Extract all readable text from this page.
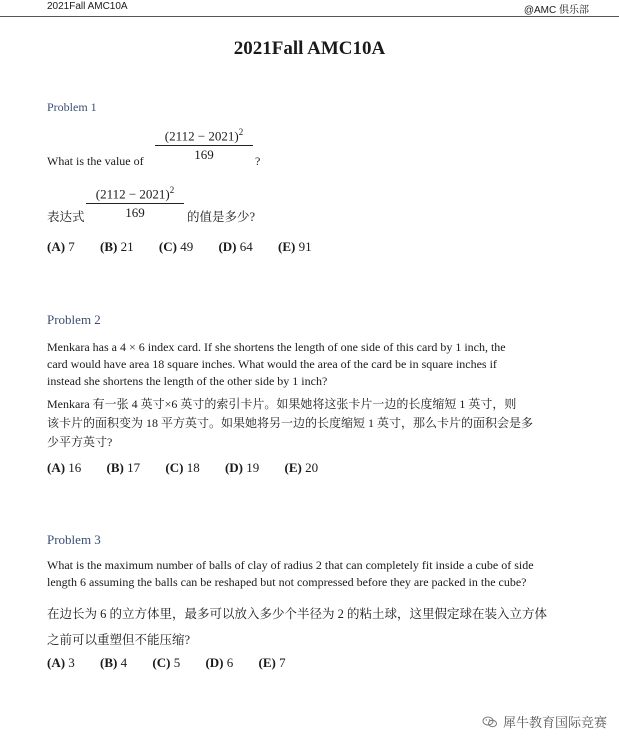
2021Fall AMC10A	@AMC 俱乐部
2021Fall AMC10A
Problem 1
What is the value of
$(2112 - 2021)^2$
169	?
表达式
$(2112 - 2021)^2$
169	的值是多少?
(A) 7 (B) 21 (C) 49 (D) 64 (E) 91
Problem 2
Menkara has a 4 × 6 index card. If she shortens the length of one side of this card by 1 inch, the
card would have area 18 square inches. What would the area of the card be in square inches if
instead she shortens the length of the other side by 1 inch?
Menkara 有一张 4 英寸×6 英寸的索引卡片。如果她将这张卡片一边的长度缩短 1 英寸，则
该卡片的面积变为 18 平方英寸。如果她将另一边的长度缩短 1 英寸，那么卡片的面积会是多
少平方英寸?
(A) 16 (B) 17 (C) 18 (D) 19 (E) 20
Problem 3
What is the maximum number of balls of clay of radius 2 that can completely fit inside a cube of side
length 6 assuming the balls can be reshaped but not compressed before they are packed in the cube?
在边长为 6 的立方体里，最多可以放入多少个半径为 2 的粘土球，这里假定球在装入立方体
之前可以重塑但不能压缩?
(A) 3 (B) 4 (C) 5 (D) 6 (E) 7
犀牛教育国际竞赛
